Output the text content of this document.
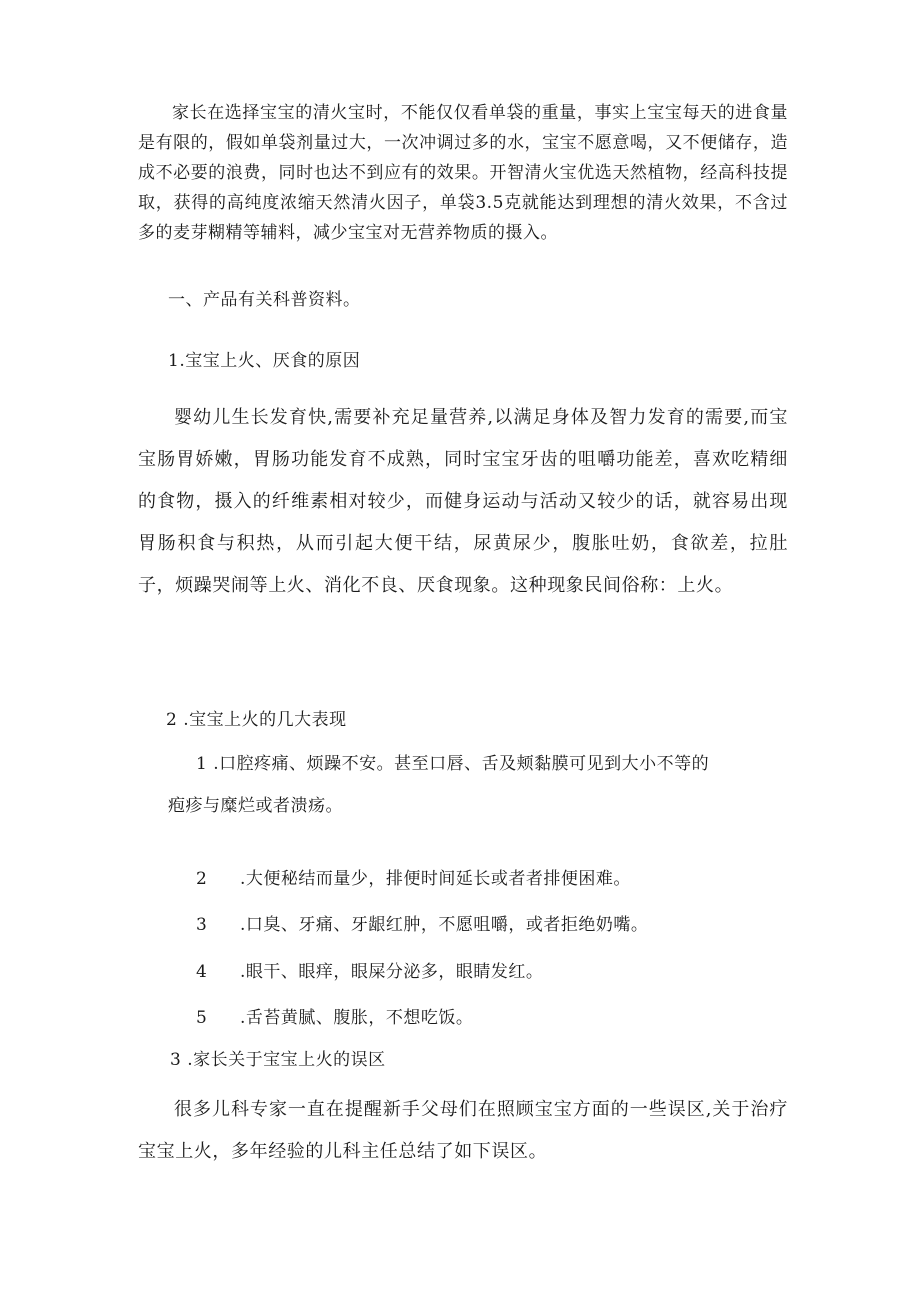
家长在选择宝宝的清火宝时，不能仅仅看单袋的重量，事实上宝宝每天的进食量是有限的，假如单袋剂量过大，一次冲调过多的水，宝宝不愿意喝，又不便储存，造成不必要的浪费，同时也达不到应有的效果。开智清火宝优选天然植物，经高科技提取，获得的高纯度浓缩天然清火因子，单袋3.5克就能达到理想的清火效果，不含过多的麦芽糊精等辅料，减少宝宝对无营养物质的摄入。

一、产品有关科普资料。
1.宝宝上火、厌食的原因

婴幼儿生长发育快,需要补充足量营养,以满足身体及智力发育的需要,而宝宝肠胃娇嫩，胃肠功能发育不成熟，同时宝宝牙齿的咀嚼功能差，喜欢吃精细的食物，摄入的纤维素相对较少，而健身运动与活动又较少的话，就容易出现胃肠积食与积热，从而引起大便干结，尿黄尿少，腹胀吐奶，食欲差，拉肚子，烦躁哭闹等上火、消化不良、厌食现象。这种现象民间俗称：上火。

2 .宝宝上火的几大表现
1 .口腔疼痛、烦躁不安。甚至口唇、舌及颊黏膜可见到大小不等的
疱疹与糜烂或者溃疡。
2 .大便秘结而量少，排便时间延长或者者排便困难。
3 .口臭、牙痛、牙龈红肿，不愿咀嚼，或者拒绝奶嘴。
4 .眼干、眼痒，眼屎分泌多，眼睛发红。
5 .舌苔黄腻、腹胀，不想吃饭。
3 .家长关于宝宝上火的误区

很多儿科专家一直在提醒新手父母们在照顾宝宝方面的一些误区,关于治疗宝宝上火，多年经验的儿科主任总结了如下误区。
